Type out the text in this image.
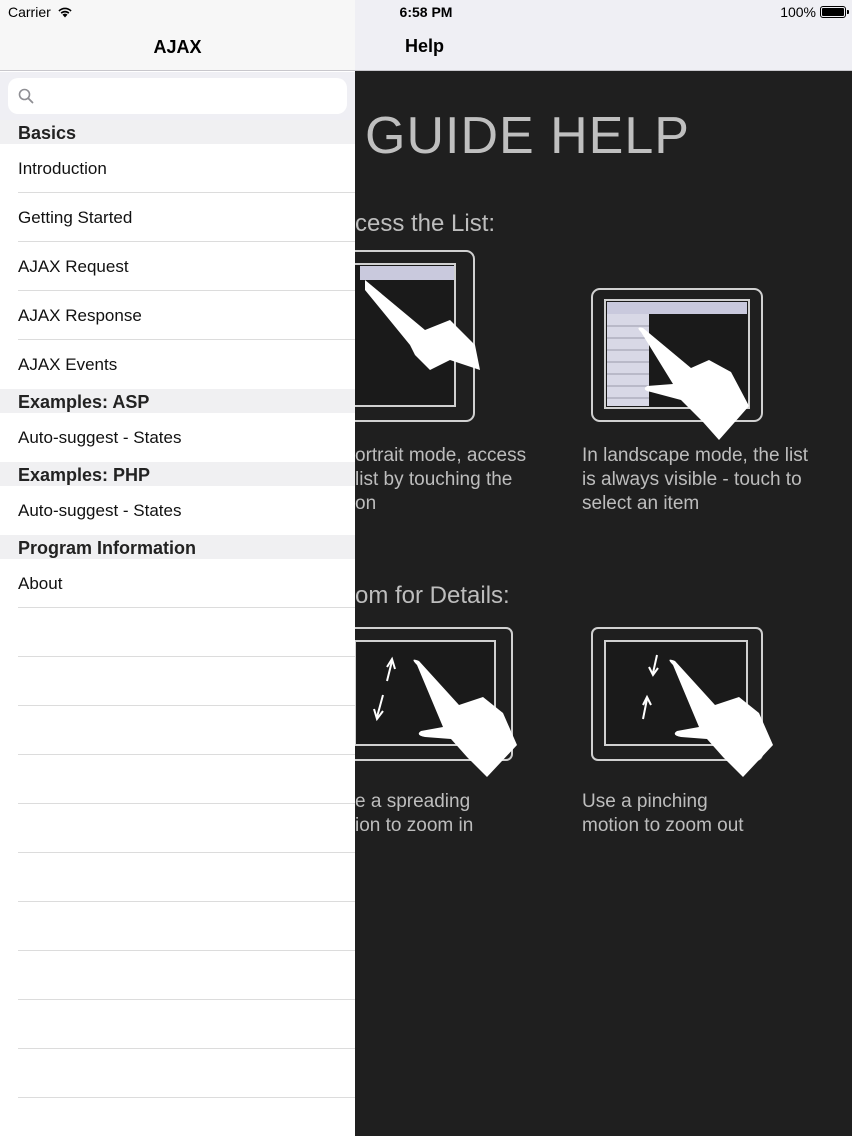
Carrier	6:58 PM	100%
AJAX
Basics
Introduction
Getting Started
AJAX Request
AJAX Response
AJAX Events
Examples: ASP
Auto-suggest - States
Examples: PHP
Auto-suggest - States
Program Information
About
Help
GUIDE HELP
cess the List:
ortrait mode, access
list by touching the
on
In landscape mode, the list
is always visible - touch to
select an item
om for Details:
e a spreading
ion to zoom in
Use a pinching
motion to zoom out
